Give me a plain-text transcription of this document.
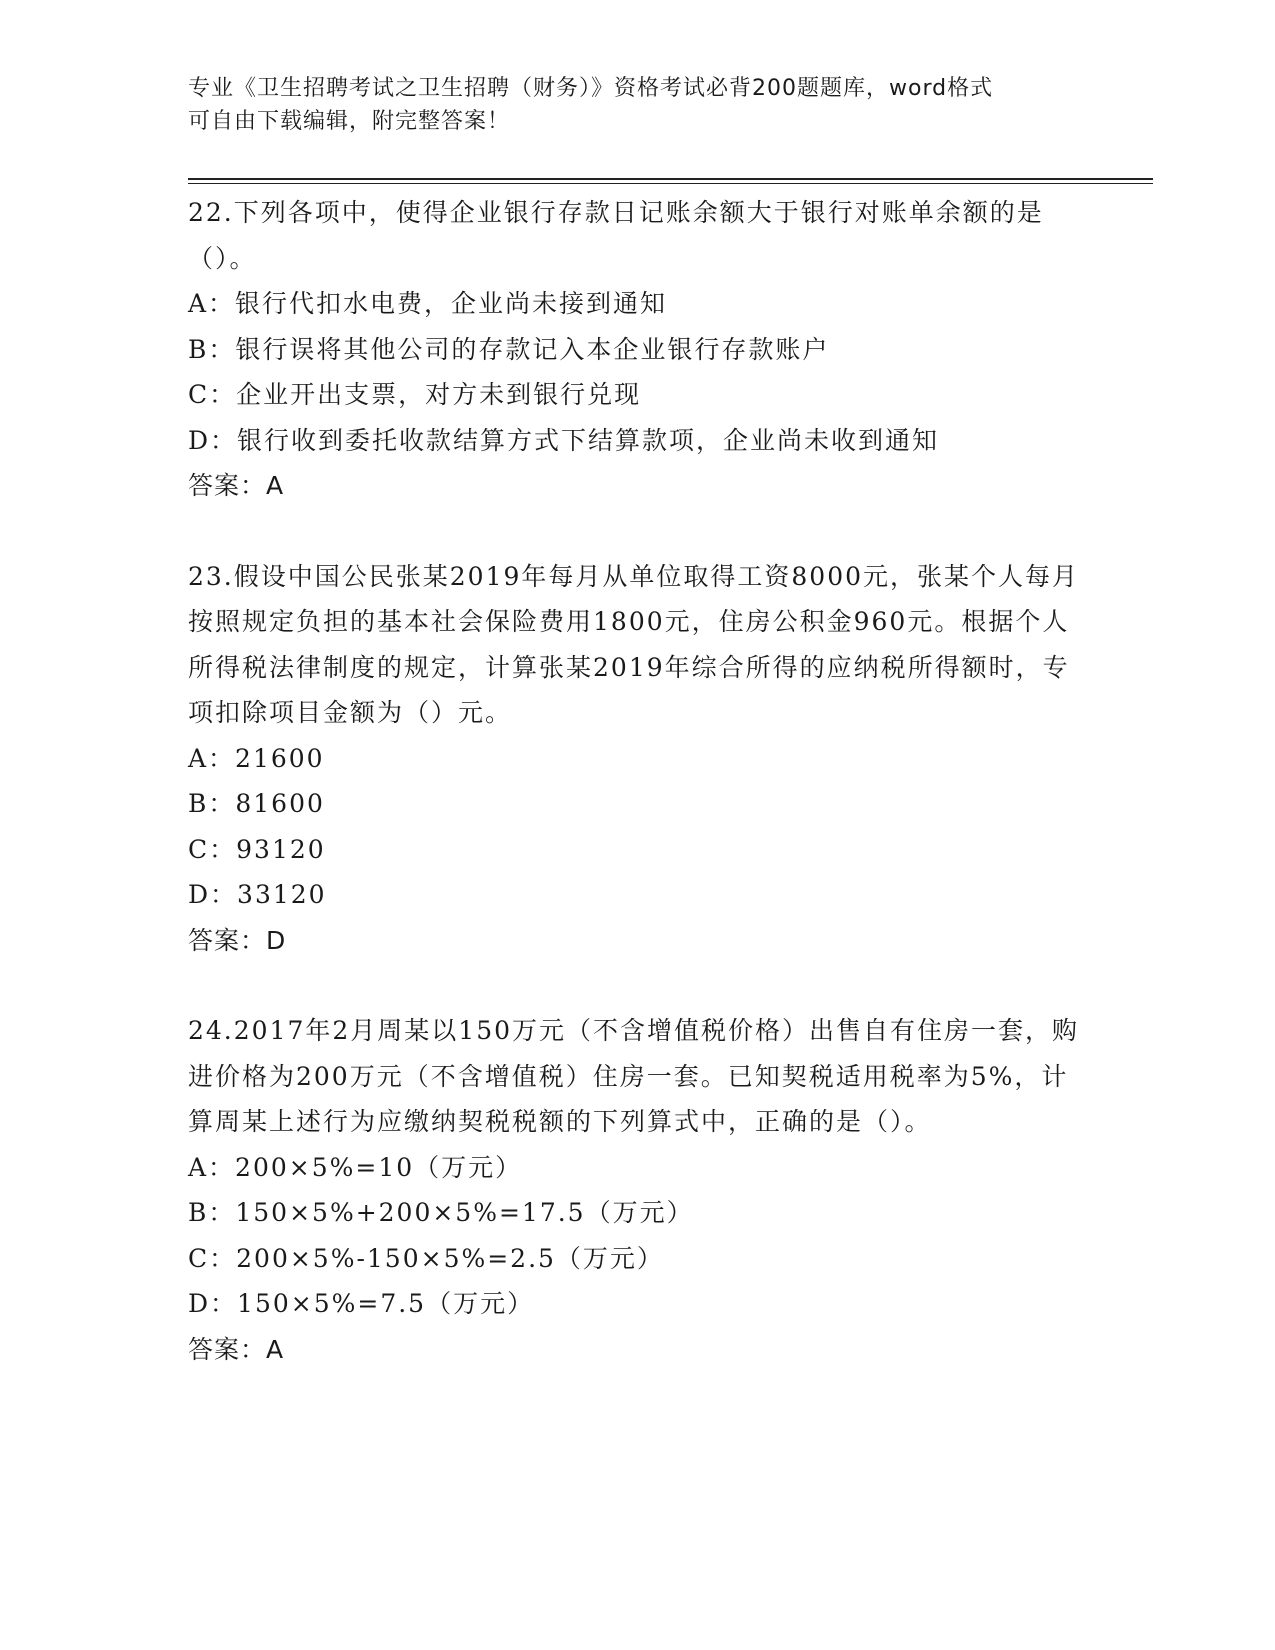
专业《卫生招聘考试之卫生招聘（财务）》资格考试必背200题题库，word格式
可自由下载编辑，附完整答案！

22.下列各项中，使得企业银行存款日记账余额大于银行对账单余额的是（）。

A：银行代扣水电费，企业尚未接到通知

B：银行误将其他公司的存款记入本企业银行存款账户

C：企业开出支票，对方未到银行兑现

D：银行收到委托收款结算方式下结算款项，企业尚未收到通知

答案：A

23.假设中国公民张某2019年每月从单位取得工资8000元，张某个人每月按照规定负担的基本社会保险费用1800元，住房公积金960元。根据个人所得税法律制度的规定，计算张某2019年综合所得的应纳税所得额时，专项扣除项目金额为（）元。

A：21600

B：81600

C：93120

D：33120

答案：D

24.2017年2月周某以150万元（不含增值税价格）出售自有住房一套，购进价格为200万元（不含增值税）住房一套。已知契税适用税率为5%，计算周某上述行为应缴纳契税税额的下列算式中，正确的是（）。

A：200×5%=10（万元）

B：150×5%+200×5%=17.5（万元）

C：200×5%-150×5%=2.5（万元）

D：150×5%=7.5（万元）

答案：A
